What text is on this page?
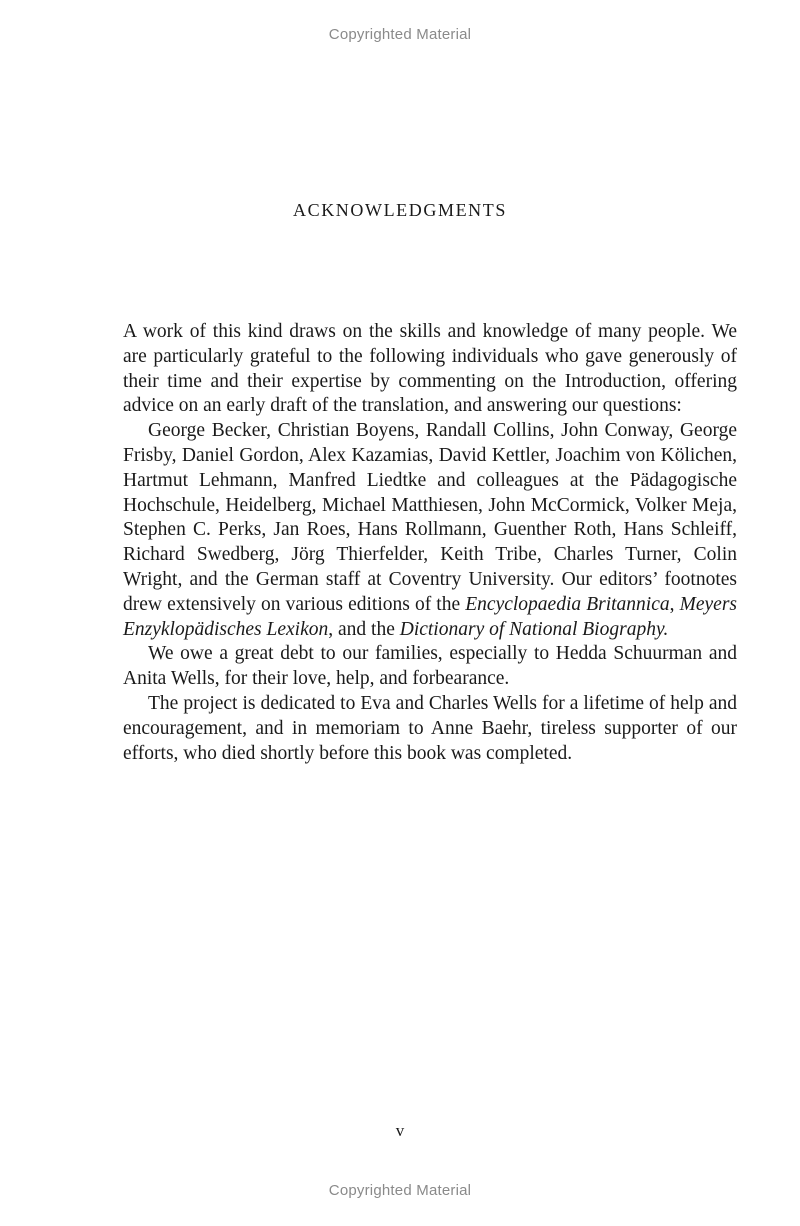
Copyrighted Material
ACKNOWLEDGMENTS

A work of this kind draws on the skills and knowledge of many people. We are particularly grateful to the following individuals who gave generously of their time and their expertise by commenting on the Introduction, offering advice on an early draft of the translation, and answering our questions:

George Becker, Christian Boyens, Randall Collins, John Conway, George Frisby, Daniel Gordon, Alex Kazamias, David Kettler, Joachim von Kölichen, Hartmut Lehmann, Manfred Liedtke and colleagues at the Pädagogische Hochschule, Heidelberg, Michael Matthiesen, John McCormick, Volker Meja, Stephen C. Perks, Jan Roes, Hans Rollmann, Guenther Roth, Hans Schleiff, Richard Swedberg, Jörg Thierfelder, Keith Tribe, Charles Turner, Colin Wright, and the German staff at Coventry University. Our editors’ footnotes drew extensively on various editions of the Encyclopaedia Britannica, Meyers Enzyklopädisches Lexikon, and the Dictionary of National Biography.

We owe a great debt to our families, especially to Hedda Schuurman and Anita Wells, for their love, help, and forbearance.

The project is dedicated to Eva and Charles Wells for a lifetime of help and encouragement, and in memoriam to Anne Baehr, tireless supporter of our efforts, who died shortly before this book was completed.

v
Copyrighted Material
